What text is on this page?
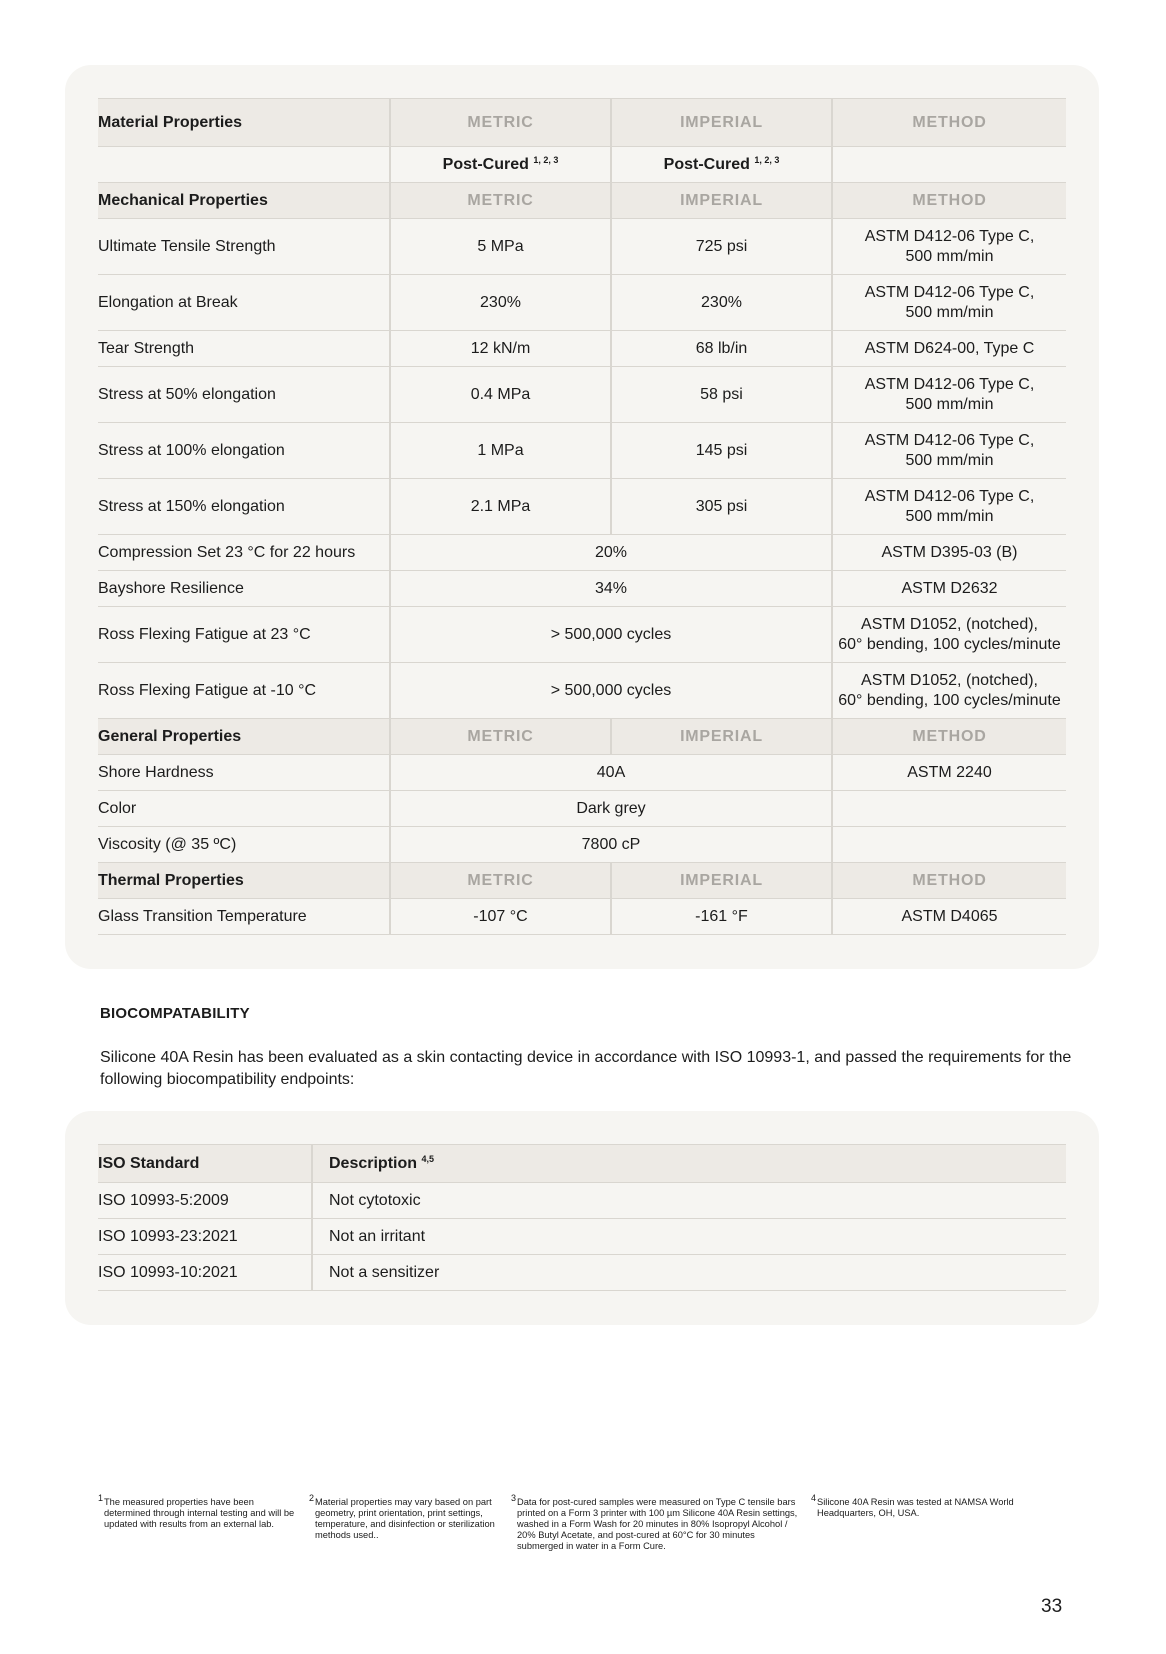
Material Properties	METRIC	IMPERIAL	METHOD
	Post-Cured $^{1, 2, 3}$	Post-Cured $^{1, 2, 3}$	
Mechanical Properties	METRIC	IMPERIAL	METHOD
Ultimate Tensile Strength	5 MPa	725 psi	ASTM D412-06 Type C,
500 mm/min
Elongation at Break	230%	230%	ASTM D412-06 Type C,
500 mm/min
Tear Strength	12 kN/m	68 lb/in	ASTM D624-00, Type C
Stress at 50% elongation	0.4 MPa	58 psi	ASTM D412-06 Type C,
500 mm/min
Stress at 100% elongation	1 MPa	145 psi	ASTM D412-06 Type C,
500 mm/min
Stress at 150% elongation	2.1 MPa	305 psi	ASTM D412-06 Type C,
500 mm/min
Compression Set 23 °C for 22 hours	20%		ASTM D395-03 (B)
Bayshore Resilience	34%		ASTM D2632
Ross Flexing Fatigue at 23 °C	> 500,000 cycles		ASTM D1052, (notched),
60° bending, 100 cycles/minute
Ross Flexing Fatigue at -10 °C	> 500,000 cycles		ASTM D1052, (notched),
60° bending, 100 cycles/minute
General Properties	METRIC	IMPERIAL	METHOD
Shore Hardness	40A		ASTM 2240
Color	Dark grey		
Viscosity (@ 35 ºC)	7800 cP		
Thermal Properties	METRIC	IMPERIAL	METHOD
Glass Transition Temperature	-107 °C	-161 °F	ASTM D4065
BIOCOMPATABILITY
Silicone 40A Resin has been evaluated as a skin contacting device in accordance with ISO 10993-1, and passed the requirements for the following biocompatibility endpoints:
ISO Standard	Description $^{4,5}$
ISO 10993-5:2009	Not cytotoxic
ISO 10993-23:2021	Not an irritant
ISO 10993-10:2021	Not a sensitizer
1 The measured properties have been determined through internal testing and will be updated with results from an external lab.
2 Material properties may vary based on part geometry, print orientation, print settings, temperature, and disinfection or sterilization methods used..
3 Data for post-cured samples were measured on Type C tensile bars printed on a Form 3 printer with 100 µm Silicone 40A Resin settings, washed in a Form Wash for 20 minutes in 80% Isopropyl Alcohol / 20% Butyl Acetate, and post-cured at 60°C for 30 minutes submerged in water in a Form Cure.
4 Silicone 40A Resin was tested at NAMSA World Headquarters, OH, USA.
33
